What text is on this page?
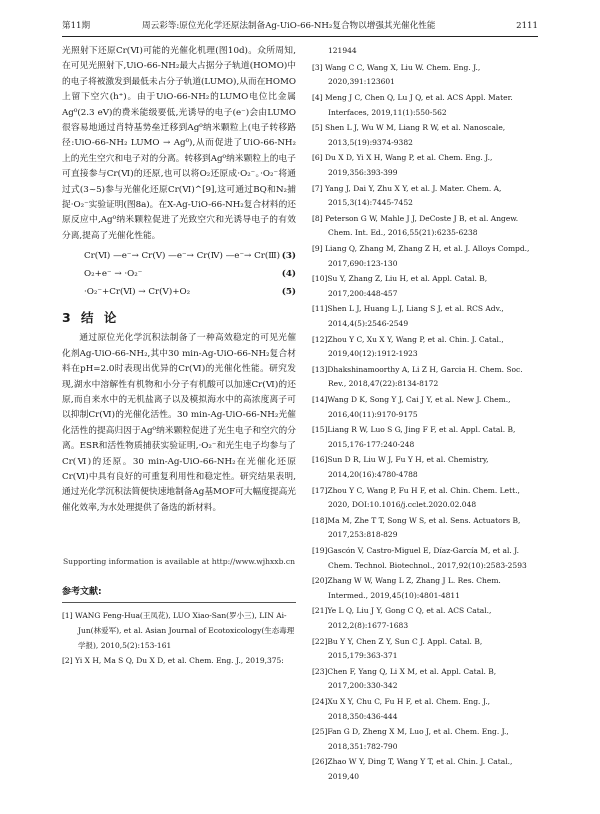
第11期	周云彩等:原位光化学还原法制备Ag-UiO-66-NH₂复合物以增强其光催化性能	2111

光照射下还原Cr(Ⅵ)可能的光催化机理(图10d)。众所周知,在可见光照射下,UiO-66-NH₂最大占据分子轨道(HOMO)中的电子将被激发到最低未占分子轨道(LUMO),从而在HOMO上留下空穴(h⁺)。由于UiO-66-NH₂的LUMO电位比金属Ag⁰(2.3 eV)的费米能级要低,光诱导的电子(e⁻)会由LUMO很容易地通过肖特基势垒迁移到Ag⁰纳米颗粒上(电子转移路径:UiO-66-NH₂ LUMO → Ag⁰),从而促进了UiO-66-NH₂上的光生空穴和电子对的分离。转移到Ag⁰纳米颗粒上的电子可直接参与Cr(Ⅵ)的还原,也可以将O₂还原成·O₂⁻。·O₂⁻将通过式(3~5)参与光催化还原Cr(Ⅵ)^[9],这可通过BQ和N₂捕捉·O₂⁻实验证明(图8a)。在X-Ag-UiO-66-NH₂复合材料的还原反应中,Ag⁰纳米颗粒促进了光致空穴和光诱导电子的有效分离,提高了光催化性能。

Cr(Ⅵ) —e⁻→ Cr(Ⅴ) —e⁻→ Cr(Ⅳ) —e⁻→ Cr(Ⅲ) (3)
O₂+e⁻ → ·O₂⁻	(4)
·O₂⁻+Cr(Ⅵ) → Cr(Ⅴ)+O₂	(5)
3 结 论

通过原位光化学沉积法制备了一种高效稳定的可见光催化剂Ag-UiO-66-NH₂,其中30 min-Ag-UiO-66-NH₂复合材料在pH=2.0时表现出优异的Cr(Ⅵ)的光催化性能。研究发现,湖水中溶解性有机物和小分子有机酸可以加速Cr(Ⅵ)的还原,而自来水中的无机盐离子以及模拟海水中的高浓度离子可以抑制Cr(Ⅵ)的光催化活性。30 min-Ag-UiO-66-NH₂光催化活性的提高归因于Ag⁰纳米颗粒促进了光生电子和空穴的分离。ESR和活性物质捕获实验证明,·O₂⁻和光生电子均参与了Cr(Ⅵ)的还原。30 min-Ag-UiO-66-NH₂在光催化还原Cr(Ⅵ)中具有良好的可重复利用性和稳定性。研究结果表明,通过光化学沉积法简便快速地制备Ag基MOF可大幅度提高光催化效率,为水处理提供了备选的新材料。

Supporting information is available at http://www.wjhxxb.cn
参考文献:

[1] WANG Feng-Hua(王凤花), LUO Xiao-San(罗小三), LIN Ai-Jun(林爱军), et al. Asian Journal of Ecotoxicology(生态毒理学报), 2010,5(2):153-161

[2] Yi X H, Ma S Q, Du X D, et al. Chem. Eng. J., 2019,375:

121944

[3] Wang C C, Wang X, Liu W. Chem. Eng. J., 2020,391:123601

[4] Meng J C, Chen Q, Lu J Q, et al. ACS Appl. Mater. Interfaces, 2019,11(1):550-562

[5] Shen L J, Wu W M, Liang R W, et al. Nanoscale, 2013,5(19):9374-9382

[6] Du X D, Yi X H, Wang P, et al. Chem. Eng. J., 2019,356:393-399

[7] Yang J, Dai Y, Zhu X Y, et al. J. Mater. Chem. A, 2015,3(14):7445-7452

[8] Peterson G W, Mahle J J, DeCoste J B, et al. Angew. Chem. Int. Ed., 2016,55(21):6235-6238

[9] Liang Q, Zhang M, Zhang Z H, et al. J. Alloys Compd., 2017,690:123-130

[10]Su Y, Zhang Z, Liu H, et al. Appl. Catal. B, 2017,200:448-457

[11]Shen L J, Huang L J, Liang S J, et al. RCS Adv., 2014,4(5):2546-2549

[12]Zhou Y C, Xu X Y, Wang P, et al. Chin. J. Catal., 2019,40(12):1912-1923

[13]Dhakshinamoorthy A, Li Z H, Garcia H. Chem. Soc. Rev., 2018,47(22):8134-8172

[14]Wang D K, Song Y J, Cai J Y, et al. New J. Chem., 2016,40(11):9170-9175

[15]Liang R W, Luo S G, Jing F F, et al. Appl. Catal. B, 2015,176-177:240-248

[16]Sun D R, Liu W J, Fu Y H, et al. Chemistry, 2014,20(16):4780-4788

[17]Zhou Y C, Wang P, Fu H F, et al. Chin. Chem. Lett., 2020, DOI:10.1016/j.cclet.2020.02.048

[18]Ma M, Zhe T T, Song W S, et al. Sens. Actuators B, 2017,253:818-829

[19]Gascón V, Castro-Miguel E, Díaz-García M, et al. J. Chem. Technol. Biotechnol., 2017,92(10):2583-2593

[20]Zhang W W, Wang L Z, Zhang J L. Res. Chem. Intermed., 2019,45(10):4801-4811

[21]Ye L Q, Liu J Y, Gong C Q, et al. ACS Catal., 2012,2(8):1677-1683

[22]Bu Y Y, Chen Z Y, Sun C J. Appl. Catal. B, 2015,179:363-371

[23]Chen F, Yang Q, Li X M, et al. Appl. Catal. B, 2017,200:330-342

[24]Xu X Y, Chu C, Fu H F, et al. Chem. Eng. J., 2018,350:436-444

[25]Fan G D, Zheng X M, Luo J, et al. Chem. Eng. J., 2018,351:782-790

[26]Zhao W Y, Ding T, Wang Y T, et al. Chin. J. Catal., 2019,40
